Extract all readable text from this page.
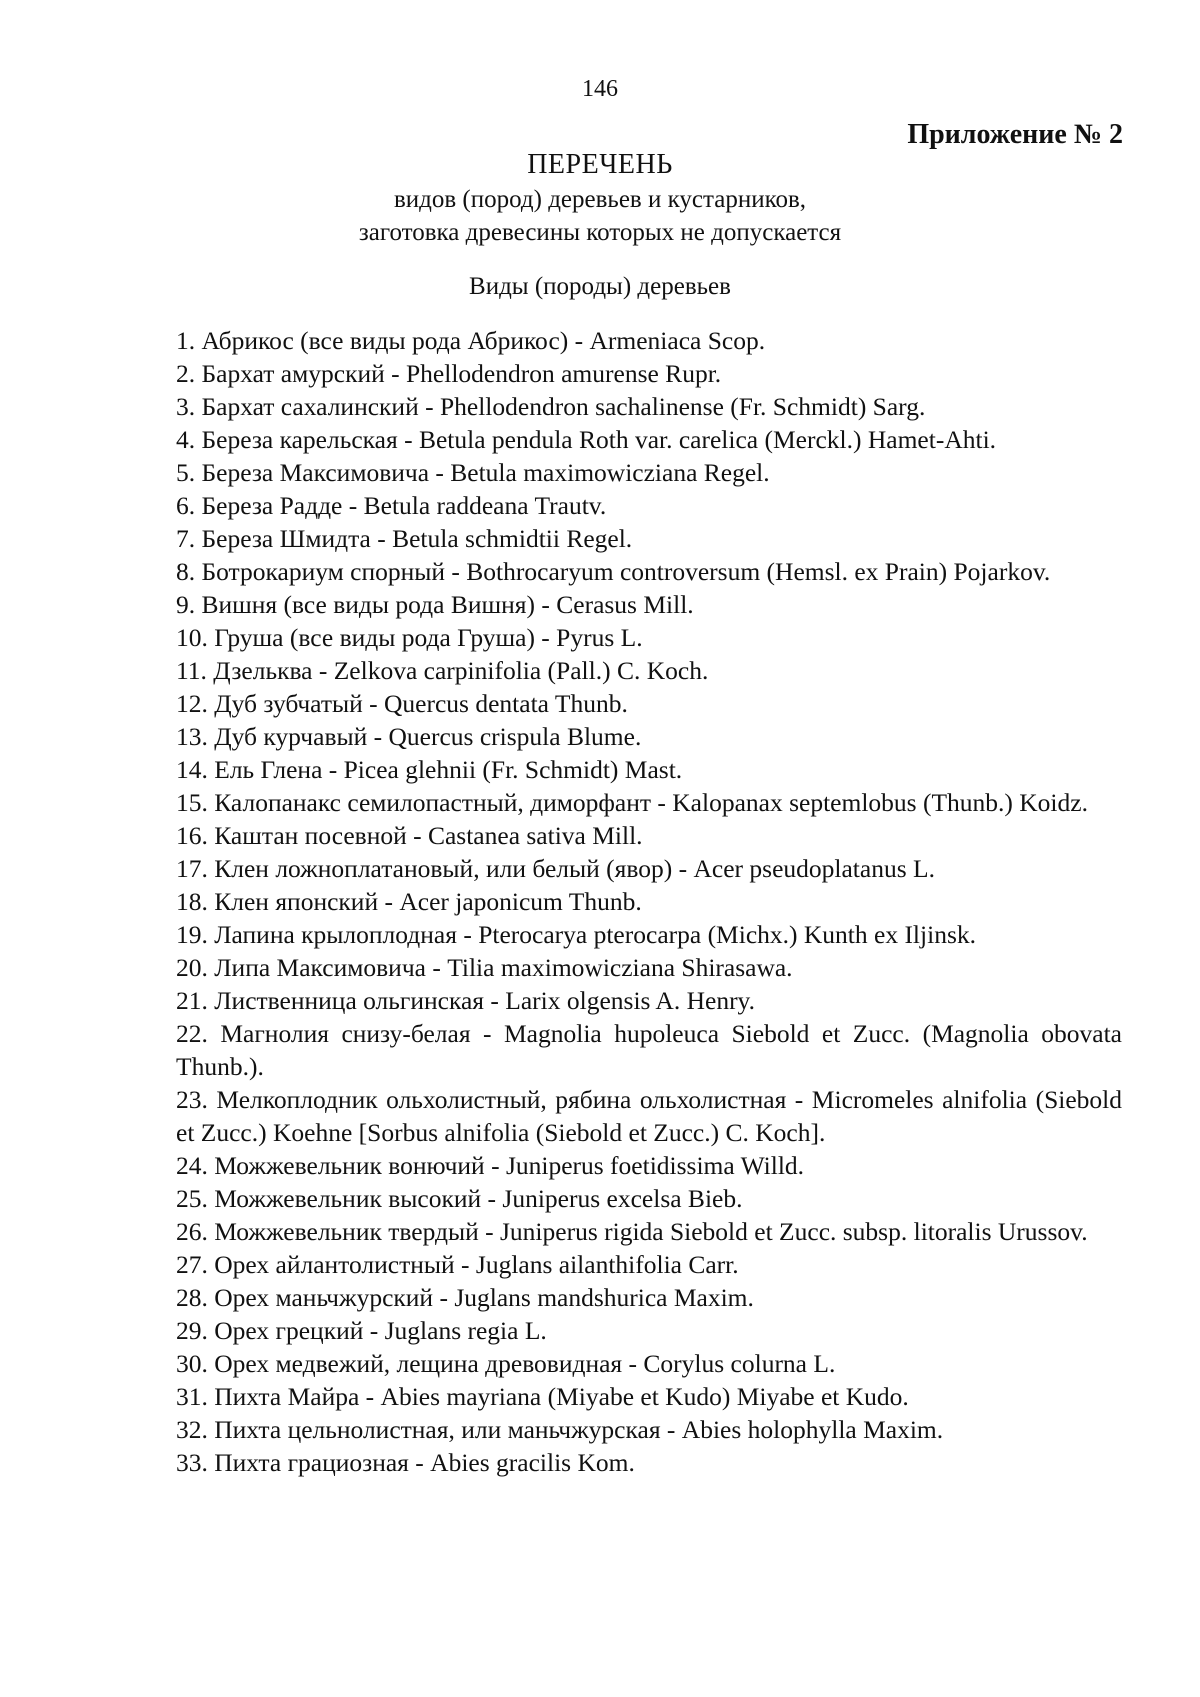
146
Приложение № 2
ПЕРЕЧЕНЬ
видов (пород) деревьев и кустарников,
заготовка древесины которых не допускается
Виды (породы) деревьев
1. Абрикос (все виды рода Абрикос) - Armeniaca Scop.
2. Бархат амурский - Phellodendron amurense Rupr.
3. Бархат сахалинский - Phellodendron sachalinense (Fr. Schmidt) Sarg.
4. Береза карельская - Betula pendula Roth var. carelica (Merckl.) Hamet-Ahti.
5. Береза Максимовича - Betula maximowicziana Regel.
6. Береза Радде - Betula raddeana Trautv.
7. Береза Шмидта - Betula schmidtii Regel.
8. Ботрокариум спорный - Bothrocaryum controversum (Hemsl. ex Prain) Pojarkov.
9. Вишня (все виды рода Вишня) - Cerasus Mill.
10. Груша (все виды рода Груша) - Pyrus L.
11. Дзельква - Zelkova carpinifolia (Pall.) C. Koch.
12. Дуб зубчатый - Quercus dentata Thunb.
13. Дуб курчавый - Quercus crispula Blume.
14. Ель Глена - Picea glehnii (Fr. Schmidt) Mast.
15. Калопанакс семилопастный, диморфант - Kalopanax septemlobus (Thunb.) Koidz.
16. Каштан посевной - Castanea sativa Mill.
17. Клен ложноплатановый, или белый (явор) - Acer pseudoplatanus L.
18. Клен японский - Acer japonicum Thunb.
19. Лапина крылоплодная - Pterocarya pterocarpa (Michx.) Kunth ex Iljinsk.
20. Липа Максимовича - Tilia maximowicziana Shirasawa.
21. Лиственница ольгинская - Larix olgensis A. Henry.
22. Магнолия снизу-белая - Magnolia hupoleuca Siebold et Zucc. (Magnolia obovata Thunb.).
23. Мелкоплодник ольхолистный, рябина ольхолистная - Micromeles alnifolia (Siebold et Zucc.) Koehne [Sorbus alnifolia (Siebold et Zucc.) C. Koch].
24. Можжевельник вонючий - Juniperus foetidissima Willd.
25. Можжевельник высокий - Juniperus excelsa Bieb.
26. Можжевельник твердый - Juniperus rigida Siebold et Zucc. subsp. litoralis Urussov.
27. Орех айлантолистный - Juglans ailanthifolia Carr.
28. Орех маньчжурский - Juglans mandshurica Maxim.
29. Орех грецкий - Juglans regia L.
30. Орех медвежий, лещина древовидная - Corylus colurna L.
31. Пихта Майра - Abies mayriana (Miyabe et Kudo) Miyabe et Kudo.
32. Пихта цельнолистная, или маньчжурская - Abies holophylla Maxim.
33. Пихта грациозная - Abies gracilis Kom.
